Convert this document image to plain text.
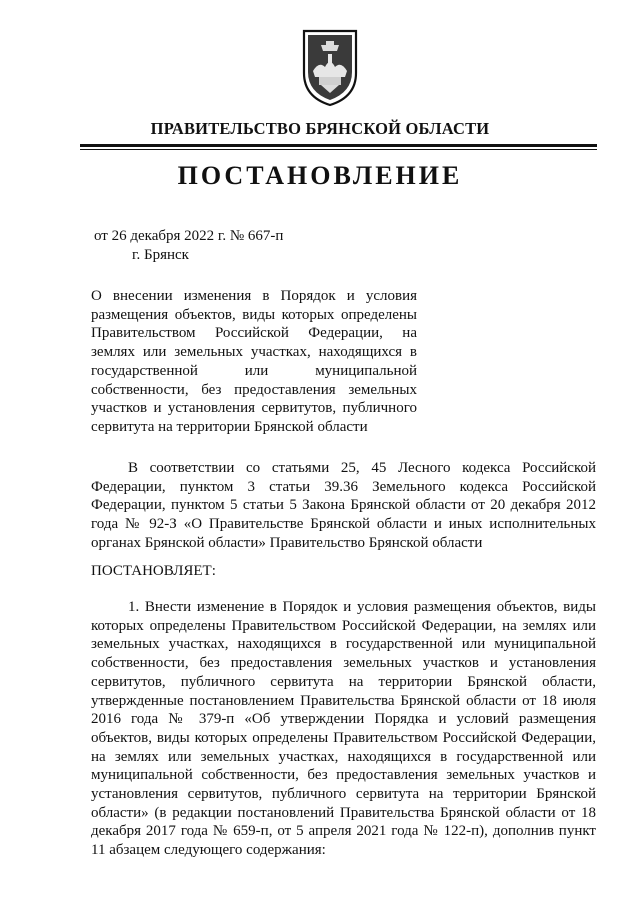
ПРАВИТЕЛЬСТВО БРЯНСКОЙ ОБЛАСТИ
ПОСТАНОВЛЕНИЕ
от 26 декабря 2022 г. № 667-п
г. Брянск
О внесении изменения в Порядок и условия размещения объектов, виды которых определены Правительством Российской Федерации, на землях или земельных участках, находящихся в государственной или муниципальной собственности, без предоставления земельных участков и установления сервитутов, публичного сервитута на территории Брянской области
В соответствии со статьями 25, 45 Лесного кодекса Российской Федерации, пунктом 3 статьи 39.36 Земельного кодекса Российской Федерации, пунктом 5 статьи 5 Закона Брянской области от 20 декабря 2012 года № 92-З «О Правительстве Брянской области и иных исполнительных органах Брянской области» Правительство Брянской области
ПОСТАНОВЛЯЕТ:
1. Внести изменение в Порядок и условия размещения объектов, виды которых определены Правительством Российской Федерации, на землях или земельных участках, находящихся в государственной или муниципальной собственности, без предоставления земельных участков и установления сервитутов, публичного сервитута на территории Брянской области, утвержденные постановлением Правительства Брянской области от 18 июля 2016 года № 379-п «Об утверждении Порядка и условий размещения объектов, виды которых определены Правительством Российской Федерации, на землях или земельных участках, находящихся в государственной или муниципальной собственности, без предоставления земельных участков и установления сервитутов, публичного сервитута на территории Брянской области» (в редакции постановлений Правительства Брянской области от 18 декабря 2017 года № 659-п, от 5 апреля 2021 года № 122-п), дополнив пункт 11 абзацем следующего содержания:
